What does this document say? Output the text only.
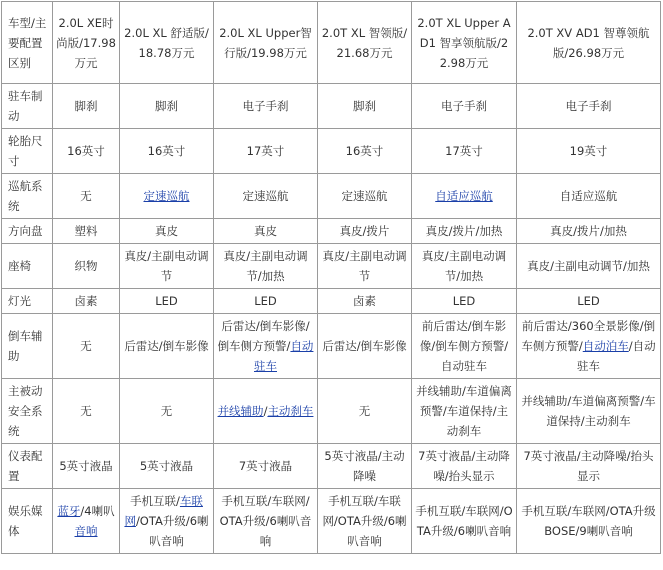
车型/主要配置区别	2.0L XE时尚版/17.98万元	2.0L XL 舒适版/18.78万元	2.0L XL Upper智行版/19.98万元	2.0T XL 智领版/21.68万元	2.0T XL Upper AD1 智享领航版/22.98万元	2.0T XV AD1 智尊领航版/26.98万元
驻车制动	脚刹	脚刹	电子手刹	脚刹	电子手刹	电子手刹
轮胎尺寸	16英寸	16英寸	17英寸	16英寸	17英寸	19英寸
巡航系统	无	定速巡航	定速巡航	定速巡航	自适应巡航	自适应巡航
方向盘	塑料	真皮	真皮	真皮/拨片	真皮/拨片/加热	真皮/拨片/加热
座椅	织物	真皮/主副电动调节	真皮/主副电动调节/加热	真皮/主副电动调节	真皮/主副电动调节/加热	真皮/主副电动调节/加热
灯光	卤素	LED	LED	卤素	LED	LED
倒车辅助	无	后雷达/倒车影像	后雷达/倒车影像/倒车侧方预警/自动驻车	后雷达/倒车影像	前后雷达/倒车影像/倒车侧方预警/自动驻车	前后雷达/360全景影像/倒车侧方预警/自动泊车/自动驻车
主被动安全系统	无	无	并线辅助/主动刹车	无	并线辅助/车道偏离预警/车道保持/主动刹车	并线辅助/车道偏离预警/车道保持/主动刹车
仪表配置	5英寸液晶	5英寸液晶	7英寸液晶	5英寸液晶/主动降噪	7英寸液晶/主动降噪/抬头显示	7英寸液晶/主动降噪/抬头显示
娱乐媒体	蓝牙/4喇叭音响	手机互联/车联网/OTA升级/6喇叭音响	手机互联/车联网/OTA升级/6喇叭音响	手机互联/车联网/OTA升级/6喇叭音响	手机互联/车联网/OTA升级/6喇叭音响	手机互联/车联网/OTA升级BOSE/9喇叭音响
